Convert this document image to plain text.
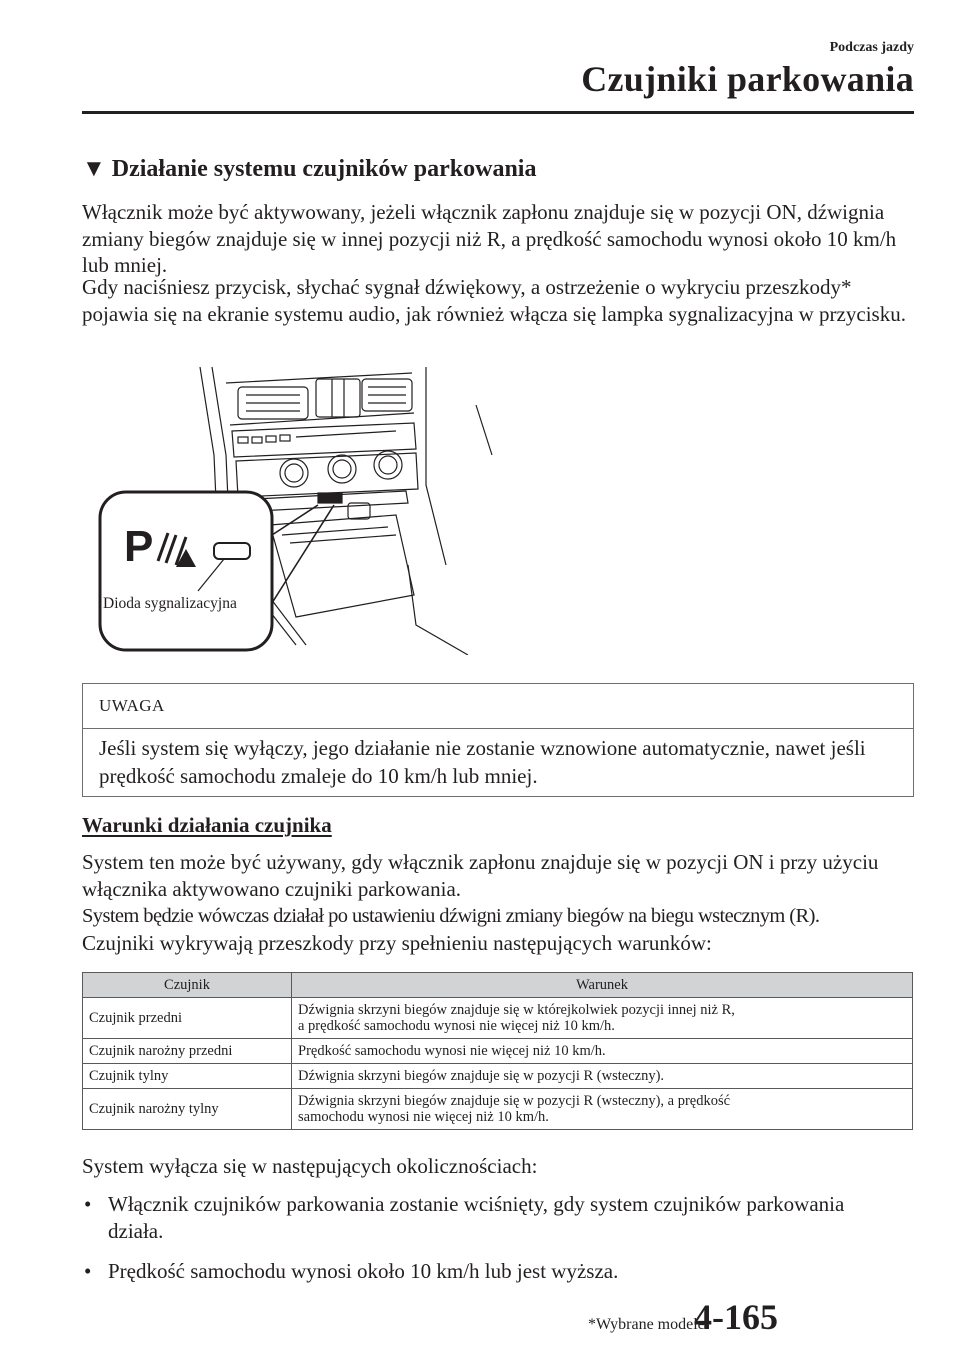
Podczas jazdy
Czujniki parkowania
▼ Działanie systemu czujników parkowania
Włącznik może być aktywowany, jeżeli włącznik zapłonu znajduje się w pozycji ON, dźwignia zmiany biegów znajduje się w innej pozycji niż R, a prędkość samochodu wynosi około 10 km/h lub mniej.
Gdy naciśniesz przycisk, słychać sygnał dźwiękowy, a ostrzeżenie o wykryciu przeszkody* pojawia się na ekranie systemu audio, jak również włącza się lampka sygnalizacyjna w przycisku.
P
Dioda sygnalizacyjna
UWAGA
Jeśli system się wyłączy, jego działanie nie zostanie wznowione automatycznie, nawet jeśli prędkość samochodu zmaleje do 10 km/h lub mniej.
Warunki działania czujnika
System ten może być używany, gdy włącznik zapłonu znajduje się w pozycji ON i przy użyciu włącznika aktywowano czujniki parkowania.
System będzie wówczas działał po ustawieniu dźwigni zmiany biegów na biegu wstecznym (R).
Czujniki wykrywają przeszkody przy spełnieniu następujących warunków:
Czujnik	Warunek
Czujnik przedni	Dźwignia skrzyni biegów znajduje się w którejkolwiek pozycji innej niż R,
a prędkość samochodu wynosi nie więcej niż 10 km/h.

Czujnik narożny przedni	Prędkość samochodu wynosi nie więcej niż 10 km/h.
Czujnik tylny	Dźwignia skrzyni biegów znajduje się w pozycji R (wsteczny).
Czujnik narożny tylny	Dźwignia skrzyni biegów znajduje się w pozycji R (wsteczny), a prędkość
samochodu wynosi nie więcej niż 10 km/h.
System wyłącza się w następujących okolicznościach:
• Włącznik czujników parkowania zostanie wciśnięty, gdy system czujników parkowania działa.
• Prędkość samochodu wynosi około 10 km/h lub jest wyższa.
*Wybrane modele.
4-165
